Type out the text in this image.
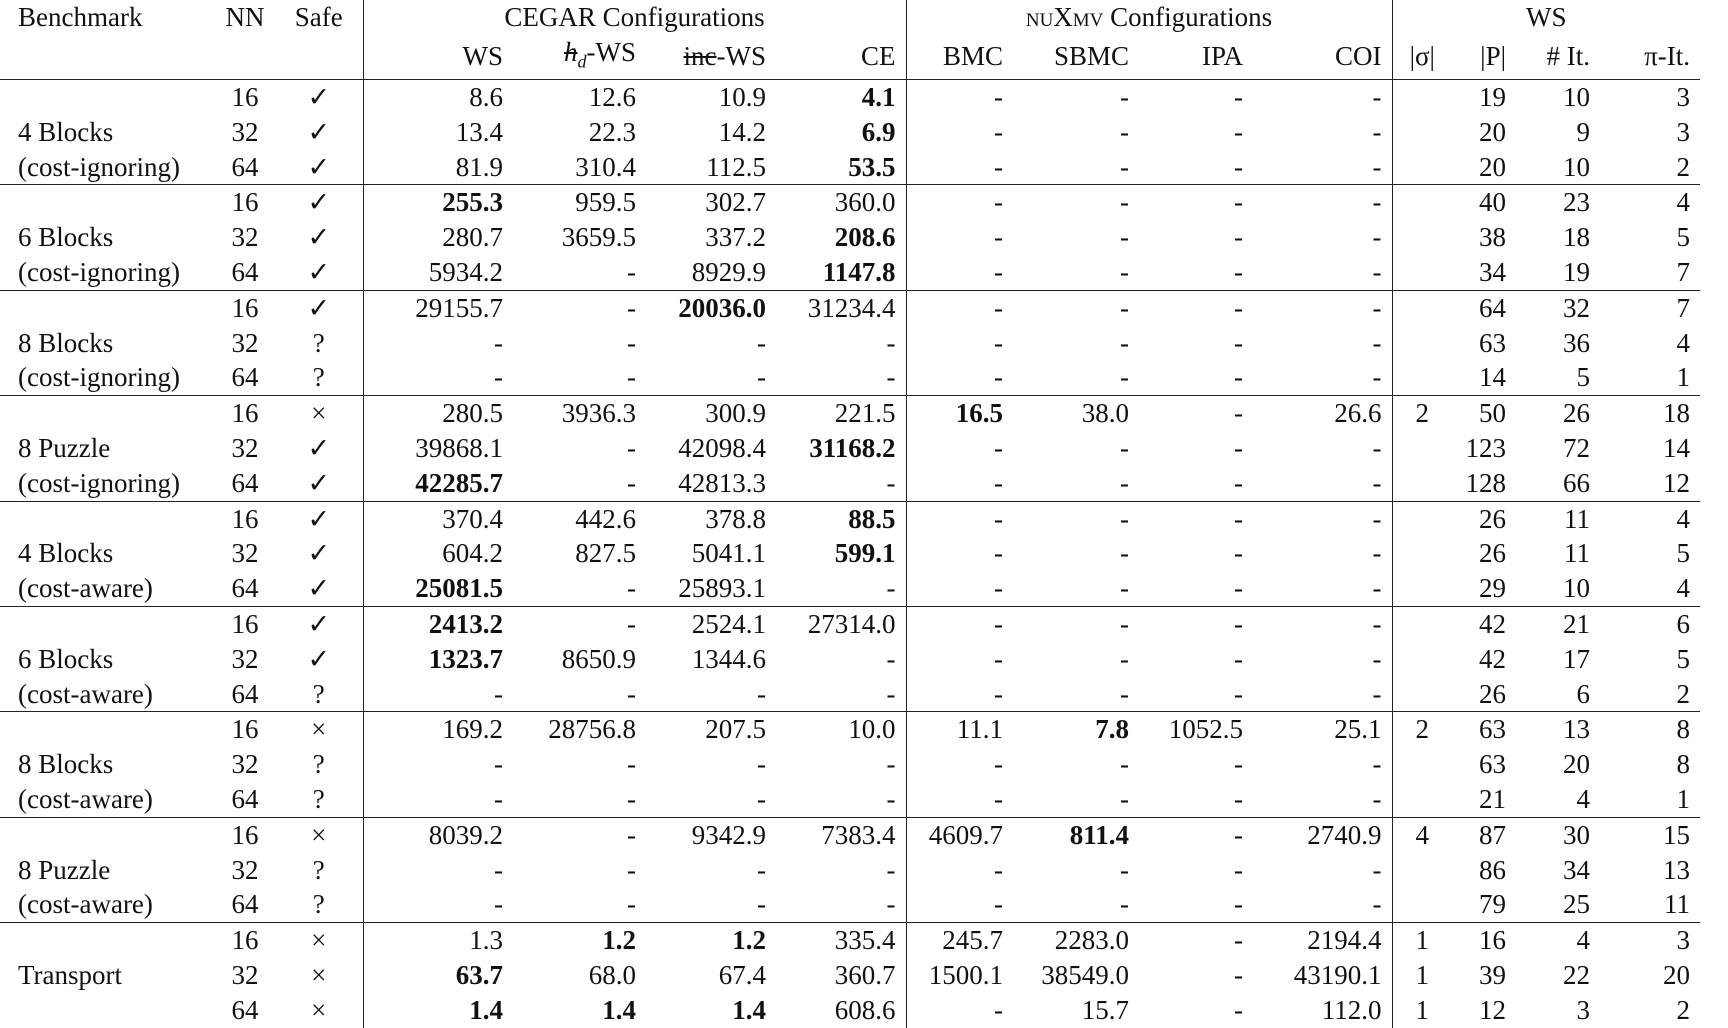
Benchmark	NN	Safe	CEGAR Configurations				nuXmv Configurations				WS			
			WS	$h_d-WS$	inc-WS	CE	BMC	SBMC	IPA	COI	|σ|	|P|	# It.	π-It.
	16	✓	8.6	12.6	10.9	4.1	-	-	-	-		19	10	3
4 Blocks	32	✓	13.4	22.3	14.2	6.9	-	-	-	-		20	9	3
(cost-ignoring)	64	✓	81.9	310.4	112.5	53.5	-	-	-	-		20	10	2
	16	✓	255.3	959.5	302.7	360.0	-	-	-	-		40	23	4
6 Blocks	32	✓	280.7	3659.5	337.2	208.6	-	-	-	-		38	18	5
(cost-ignoring)	64	✓	5934.2	-	8929.9	1147.8	-	-	-	-		34	19	7
	16	✓	29155.7	-	20036.0	31234.4	-	-	-	-		64	32	7
8 Blocks	32	?	-	-	-	-	-	-	-	-		63	36	4
(cost-ignoring)	64	?	-	-	-	-	-	-	-	-		14	5	1
	16	×	280.5	3936.3	300.9	221.5	16.5	38.0	-	26.6	2	50	26	18
8 Puzzle	32	✓	39868.1	-	42098.4	31168.2	-	-	-	-		123	72	14
(cost-ignoring)	64	✓	42285.7	-	42813.3	-	-	-	-	-		128	66	12
	16	✓	370.4	442.6	378.8	88.5	-	-	-	-		26	11	4
4 Blocks	32	✓	604.2	827.5	5041.1	599.1	-	-	-	-		26	11	5
(cost-aware)	64	✓	25081.5	-	25893.1	-	-	-	-	-		29	10	4
	16	✓	2413.2	-	2524.1	27314.0	-	-	-	-		42	21	6
6 Blocks	32	✓	1323.7	8650.9	1344.6	-	-	-	-	-		42	17	5
(cost-aware)	64	?	-	-	-	-	-	-	-	-		26	6	2
	16	×	169.2	28756.8	207.5	10.0	11.1	7.8	1052.5	25.1	2	63	13	8
8 Blocks	32	?	-	-	-	-	-	-	-	-		63	20	8
(cost-aware)	64	?	-	-	-	-	-	-	-	-		21	4	1
	16	×	8039.2	-	9342.9	7383.4	4609.7	811.4	-	2740.9	4	87	30	15
8 Puzzle	32	?	-	-	-	-	-	-	-	-		86	34	13
(cost-aware)	64	?	-	-	-	-	-	-	-	-		79	25	11
	16	×	1.3	1.2	1.2	335.4	245.7	2283.0	-	2194.4	1	16	4	3
Transport	32	×	63.7	68.0	67.4	360.7	1500.1	38549.0	-	43190.1	1	39	22	20
	64	×	1.4	1.4	1.4	608.6	-	15.7	-	112.0	1	12	3	2
